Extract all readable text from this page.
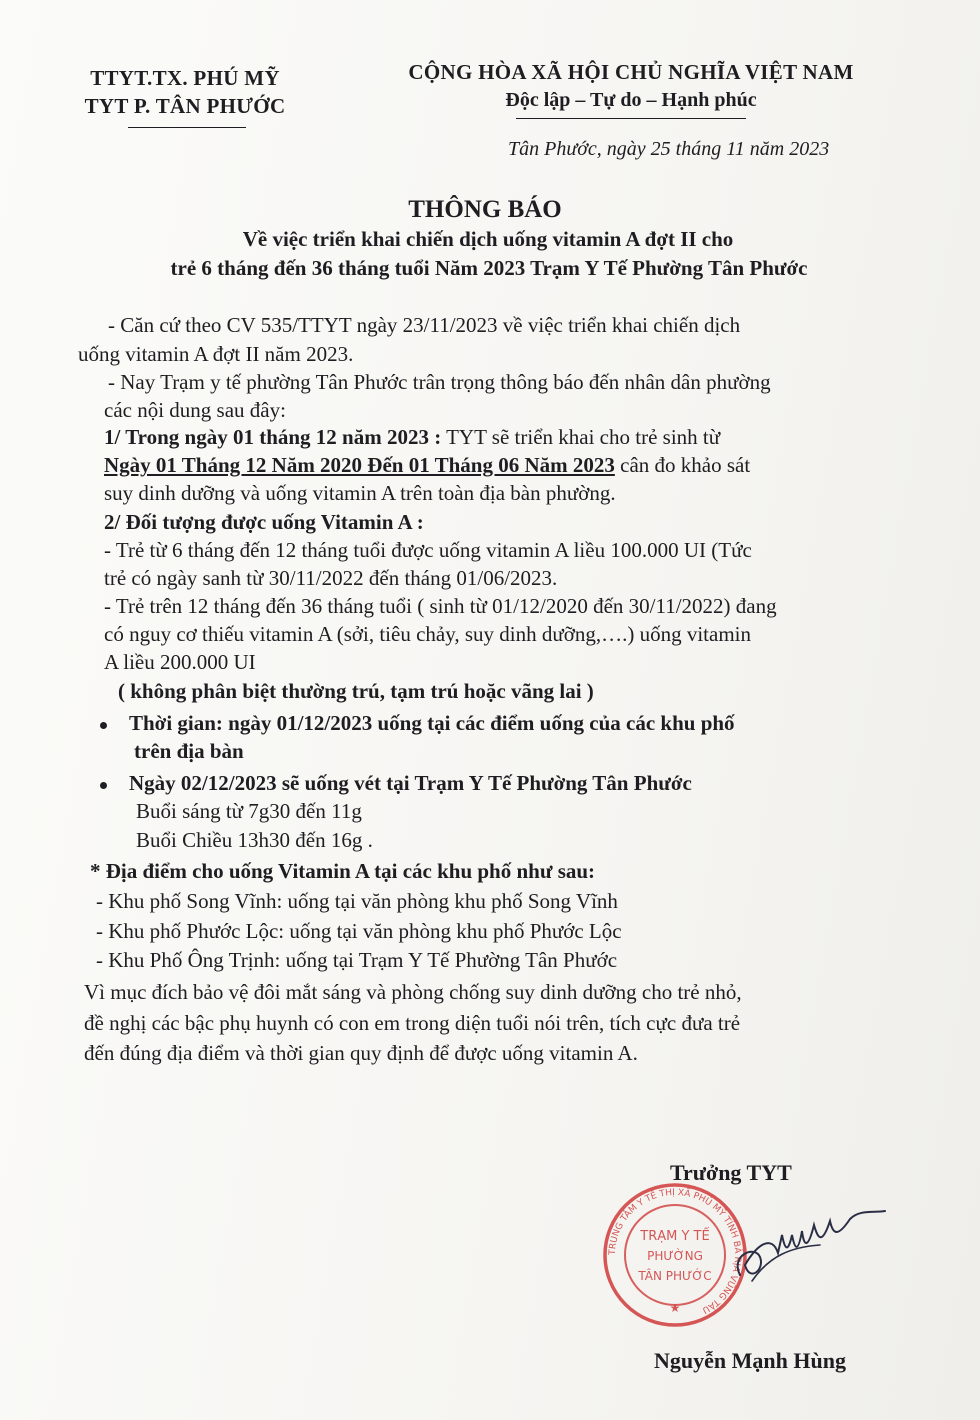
TTYT.TX. PHÚ MỸ
TYT P. TÂN PHƯỚC
CỘNG HÒA XÃ HỘI CHỦ NGHĨA VIỆT NAM
Độc lập – Tự do – Hạnh phúc
Tân Phước, ngày 25 tháng 11 năm 2023
THÔNG BÁO
Về việc triển khai chiến dịch uống vitamin A đợt II cho
trẻ 6 tháng đến 36 tháng tuổi Năm 2023 Trạm Y Tế Phường Tân Phước
- Căn cứ theo CV 535/TTYT ngày 23/11/2023 về việc triển khai chiến dịch
uống vitamin A đợt II năm 2023.
- Nay Trạm y tế phường Tân Phước trân trọng thông báo đến nhân dân phường
các nội dung sau đây:
1/ Trong ngày 01 tháng 12 năm 2023 : TYT sẽ triển khai cho trẻ sinh từ
Ngày 01 Tháng 12 Năm 2020 Đến 01 Tháng 06 Năm 2023 cân đo khảo sát
suy dinh dưỡng và uống vitamin A trên toàn địa bàn phường.
2/ Đối tượng được uống Vitamin A :
- Trẻ từ 6 tháng đến 12 tháng tuổi được uống vitamin A liều 100.000 UI (Tức
trẻ có ngày sanh từ 30/11/2022 đến tháng 01/06/2023.
- Trẻ trên 12 tháng đến 36 tháng tuổi ( sinh từ 01/12/2020 đến 30/11/2022) đang
có nguy cơ thiếu vitamin A (sởi, tiêu chảy, suy dinh dưỡng,….) uống vitamin
A liều 200.000 UI
( không phân biệt thường trú, tạm trú hoặc vãng lai )
Thời gian: ngày 01/12/2023 uống tại các điểm uống của các khu phố
trên địa bàn
Ngày 02/12/2023 sẽ uống vét tại Trạm Y Tế Phường Tân Phước
Buổi sáng từ 7g30 đến 11g
Buổi Chiều 13h30 đến 16g .
* Địa điểm cho uống Vitamin A tại các khu phố như sau:
- Khu phố Song Vĩnh: uống tại văn phòng khu phố Song Vĩnh
- Khu phố Phước Lộc: uống tại văn phòng khu phố Phước Lộc
- Khu Phố Ông Trịnh: uống tại Trạm Y Tế Phường Tân Phước
Vì mục đích bảo vệ đôi mắt sáng và phòng chống suy dinh dưỡng cho trẻ nhỏ,
đề nghị các bậc phụ huynh có con em trong diện tuổi nói trên, tích cực đưa trẻ
đến đúng địa điểm và thời gian quy định để được uống vitamin A.
Trưởng TYT
TRUNG TÂM Y TẾ THỊ XÃ PHÚ MỸ TỈNH BÀ RỊA VŨNG TÀU
TRẠM Y TẾ
PHƯỜNG
TÂN PHƯỚC
★
Nguyễn Mạnh Hùng
